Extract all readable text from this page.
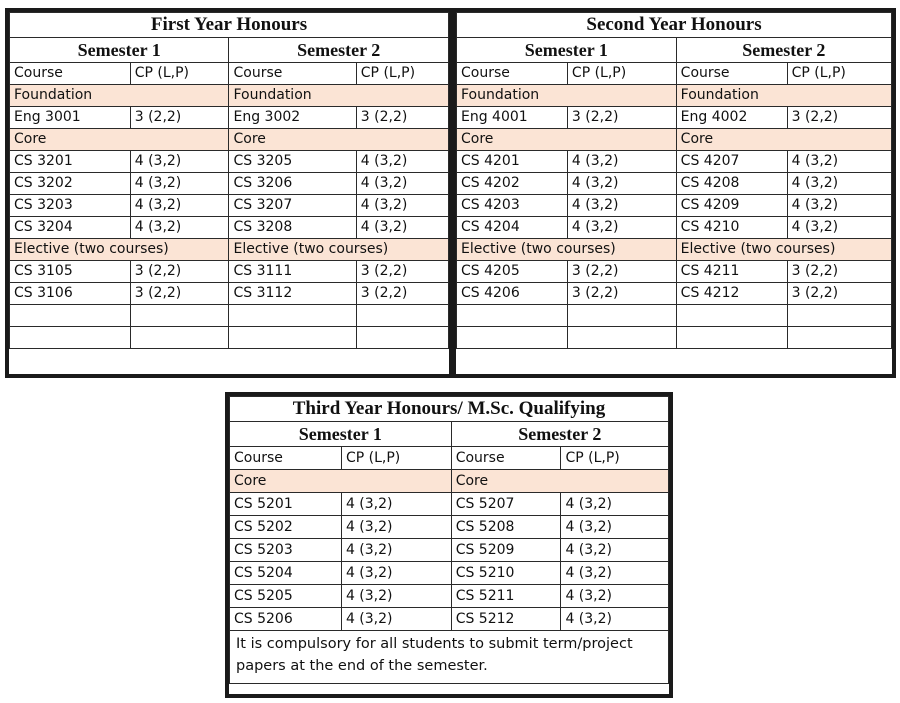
First Year Honours			
Semester 1		Semester 2	
Course	CP (L,P)	Course	CP (L,P)
Foundation		Foundation	
Eng 3001	3 (2,2)	Eng 3002	3 (2,2)
Core		Core	
CS 3201	4 (3,2)	CS 3205	4 (3,2)
CS 3202	4 (3,2)	CS 3206	4 (3,2)
CS 3203	4 (3,2)	CS 3207	4 (3,2)
CS 3204	4 (3,2)	CS 3208	4 (3,2)
Elective (two courses)		Elective (two courses)	
CS 3105	3 (2,2)	CS 3111	3 (2,2)
CS 3106	3 (2,2)	CS 3112	3 (2,2)

Second Year Honours			
Semester 1		Semester 2	
Course	CP (L,P)	Course	CP (L,P)
Foundation		Foundation	
Eng 4001	3 (2,2)	Eng 4002	3 (2,2)
Core		Core	
CS 4201	4 (3,2)	CS 4207	4 (3,2)
CS 4202	4 (3,2)	CS 4208	4 (3,2)
CS 4203	4 (3,2)	CS 4209	4 (3,2)
CS 4204	4 (3,2)	CS 4210	4 (3,2)
Elective (two courses)		Elective (two courses)	
CS 4205	3 (2,2)	CS 4211	3 (2,2)
CS 4206	3 (2,2)	CS 4212	3 (2,2)

Third Year Honours/ M.Sc. Qualifying			
Semester 1		Semester 2	
Course	CP (L,P)	Course	CP (L,P)
Core		Core	
CS 5201	4 (3,2)	CS 5207	4 (3,2)
CS 5202	4 (3,2)	CS 5208	4 (3,2)
CS 5203	4 (3,2)	CS 5209	4 (3,2)
CS 5204	4 (3,2)	CS 5210	4 (3,2)
CS 5205	4 (3,2)	CS 5211	4 (3,2)
CS 5206	4 (3,2)	CS 5212	4 (3,2)
It is compulsory for all students to submit term/project papers at the end of the semester.			
